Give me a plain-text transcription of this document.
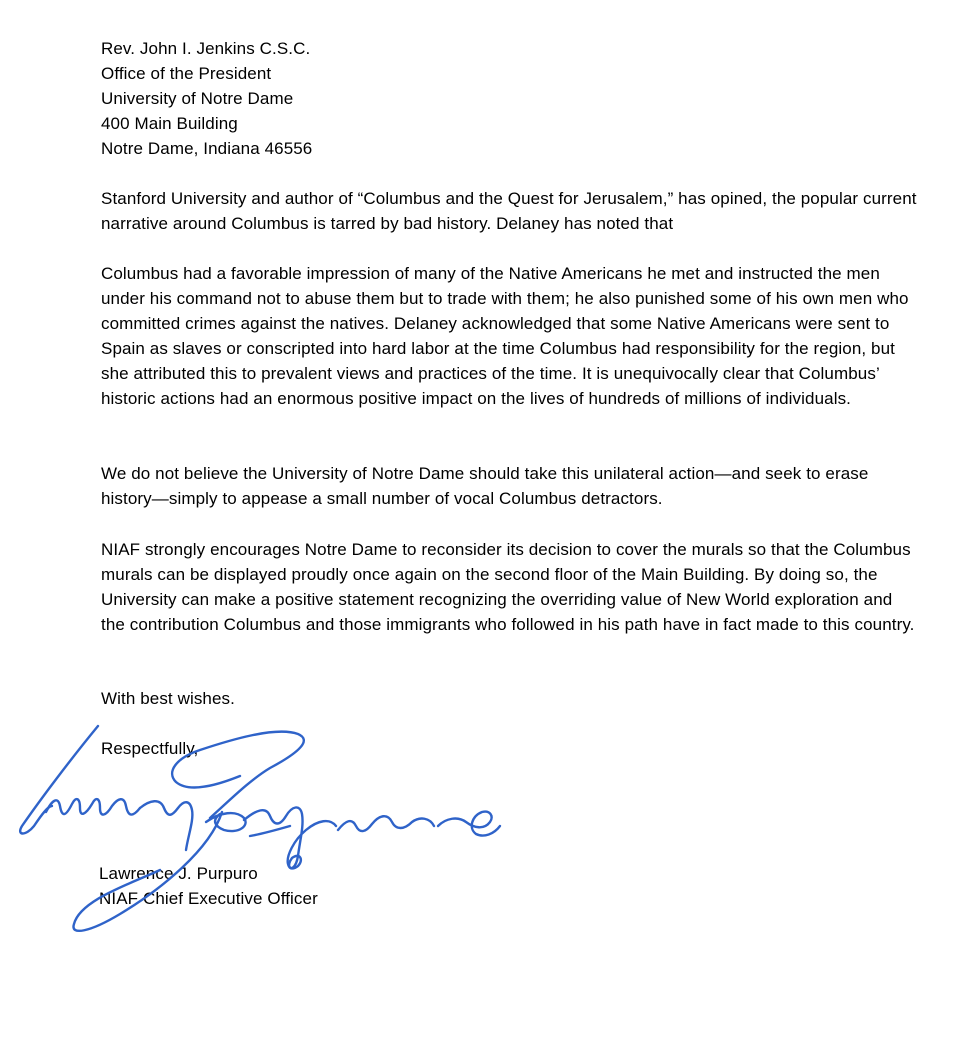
Rev. John I. Jenkins C.S.C.
Office of the President
University of Notre Dame
400 Main Building
Notre Dame, Indiana 46556

Stanford University and author of “Columbus and the Quest for Jerusalem,” has opined, the popular current narrative around Columbus is tarred by bad history. Delaney has noted that

Columbus had a favorable impression of many of the Native Americans he met and instructed the men under his command not to abuse them but to trade with them; he also punished some of his own men who committed crimes against the natives. Delaney acknowledged that some Native Americans were sent to Spain as slaves or conscripted into hard labor at the time Columbus had responsibility for the region, but she attributed this to prevalent views and practices of the time. It is unequivocally clear that Columbus’ historic actions had an enormous positive impact on the lives of hundreds of millions of individuals.

We do not believe the University of Notre Dame should take this unilateral action—and seek to erase history—simply to appease a small number of vocal Columbus detractors.

NIAF strongly encourages Notre Dame to reconsider its decision to cover the murals so that the Columbus murals can be displayed proudly once again on the second floor of the Main Building. By doing so, the University can make a positive statement recognizing the overriding value of New World exploration and the contribution Columbus and those immigrants who followed in his path have in fact made to this country.

With best wishes.
Respectfully,
Lawrence J. Purpuro
NIAF Chief Executive Officer
